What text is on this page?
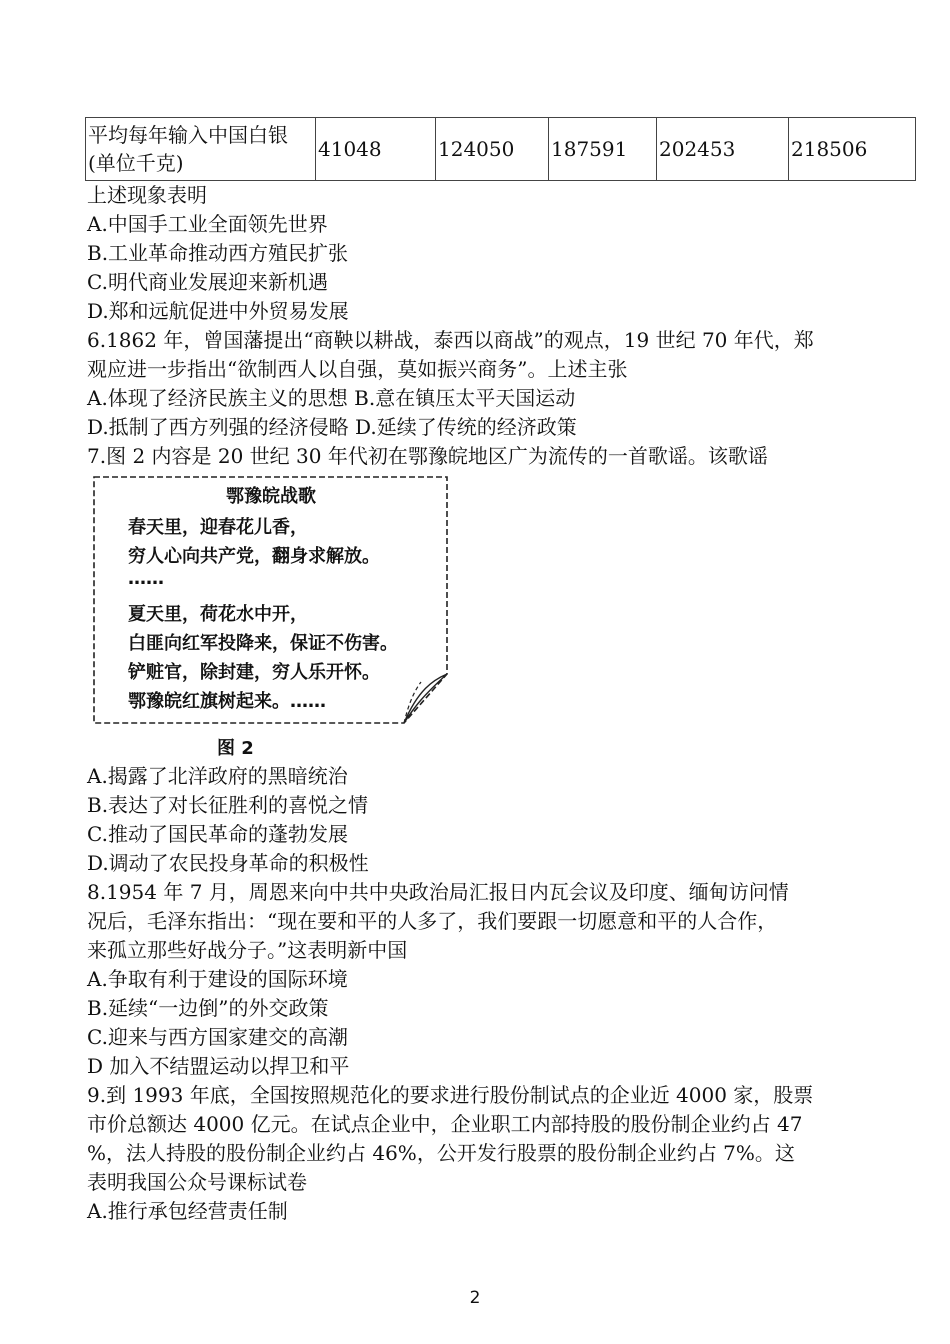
平均每年输入中国白银(单位千克)	41048	124050	187591	202453	218506
上述现象表明
A.中国手工业全面领先世界
B.工业革命推动西方殖民扩张
C.明代商业发展迎来新机遇
D.郑和远航促进中外贸易发展
6.1862 年，曾国藩提出“商鞅以耕战，泰西以商战”的观点，19 世纪 70 年代，郑
观应进一步指出“欲制西人以自强，莫如振兴商务”。上述主张
A.体现了经济民族主义的思想 B.意在镇压太平天国运动
D.抵制了西方列强的经济侵略 D.延续了传统的经济政策
7.图 2 内容是 20 世纪 30 年代初在鄂豫皖地区广为流传的一首歌谣。该歌谣
鄂豫皖战歌
春天里，迎春花儿香，
穷人心向共产党，翻身求解放。
……
夏天里，荷花水中开，
白匪向红军投降来，保证不伤害。
铲赃官，除封建，穷人乐开怀。
鄂豫皖红旗树起来。……
图 2
A.揭露了北洋政府的黑暗统治
B.表达了对长征胜利的喜悦之情
C.推动了国民革命的蓬勃发展
D.调动了农民投身革命的积极性
8.1954 年 7 月，周恩来向中共中央政治局汇报日内瓦会议及印度、缅甸访问情
况后，毛泽东指出：“现在要和平的人多了，我们要跟一切愿意和平的人合作，
来孤立那些好战分子。”这表明新中国
A.争取有利于建设的国际环境
B.延续“一边倒”的外交政策
C.迎来与西方国家建交的高潮
D 加入不结盟运动以捍卫和平
9.到 1993 年底，全国按照规范化的要求进行股份制试点的企业近 4000 家，股票
市价总额达 4000 亿元。在试点企业中，企业职工内部持股的股份制企业约占 47
%，法人持股的股份制企业约占 46%，公开发行股票的股份制企业约占 7%。这
表明我国公众号课标试卷
A.推行承包经营责任制
2
